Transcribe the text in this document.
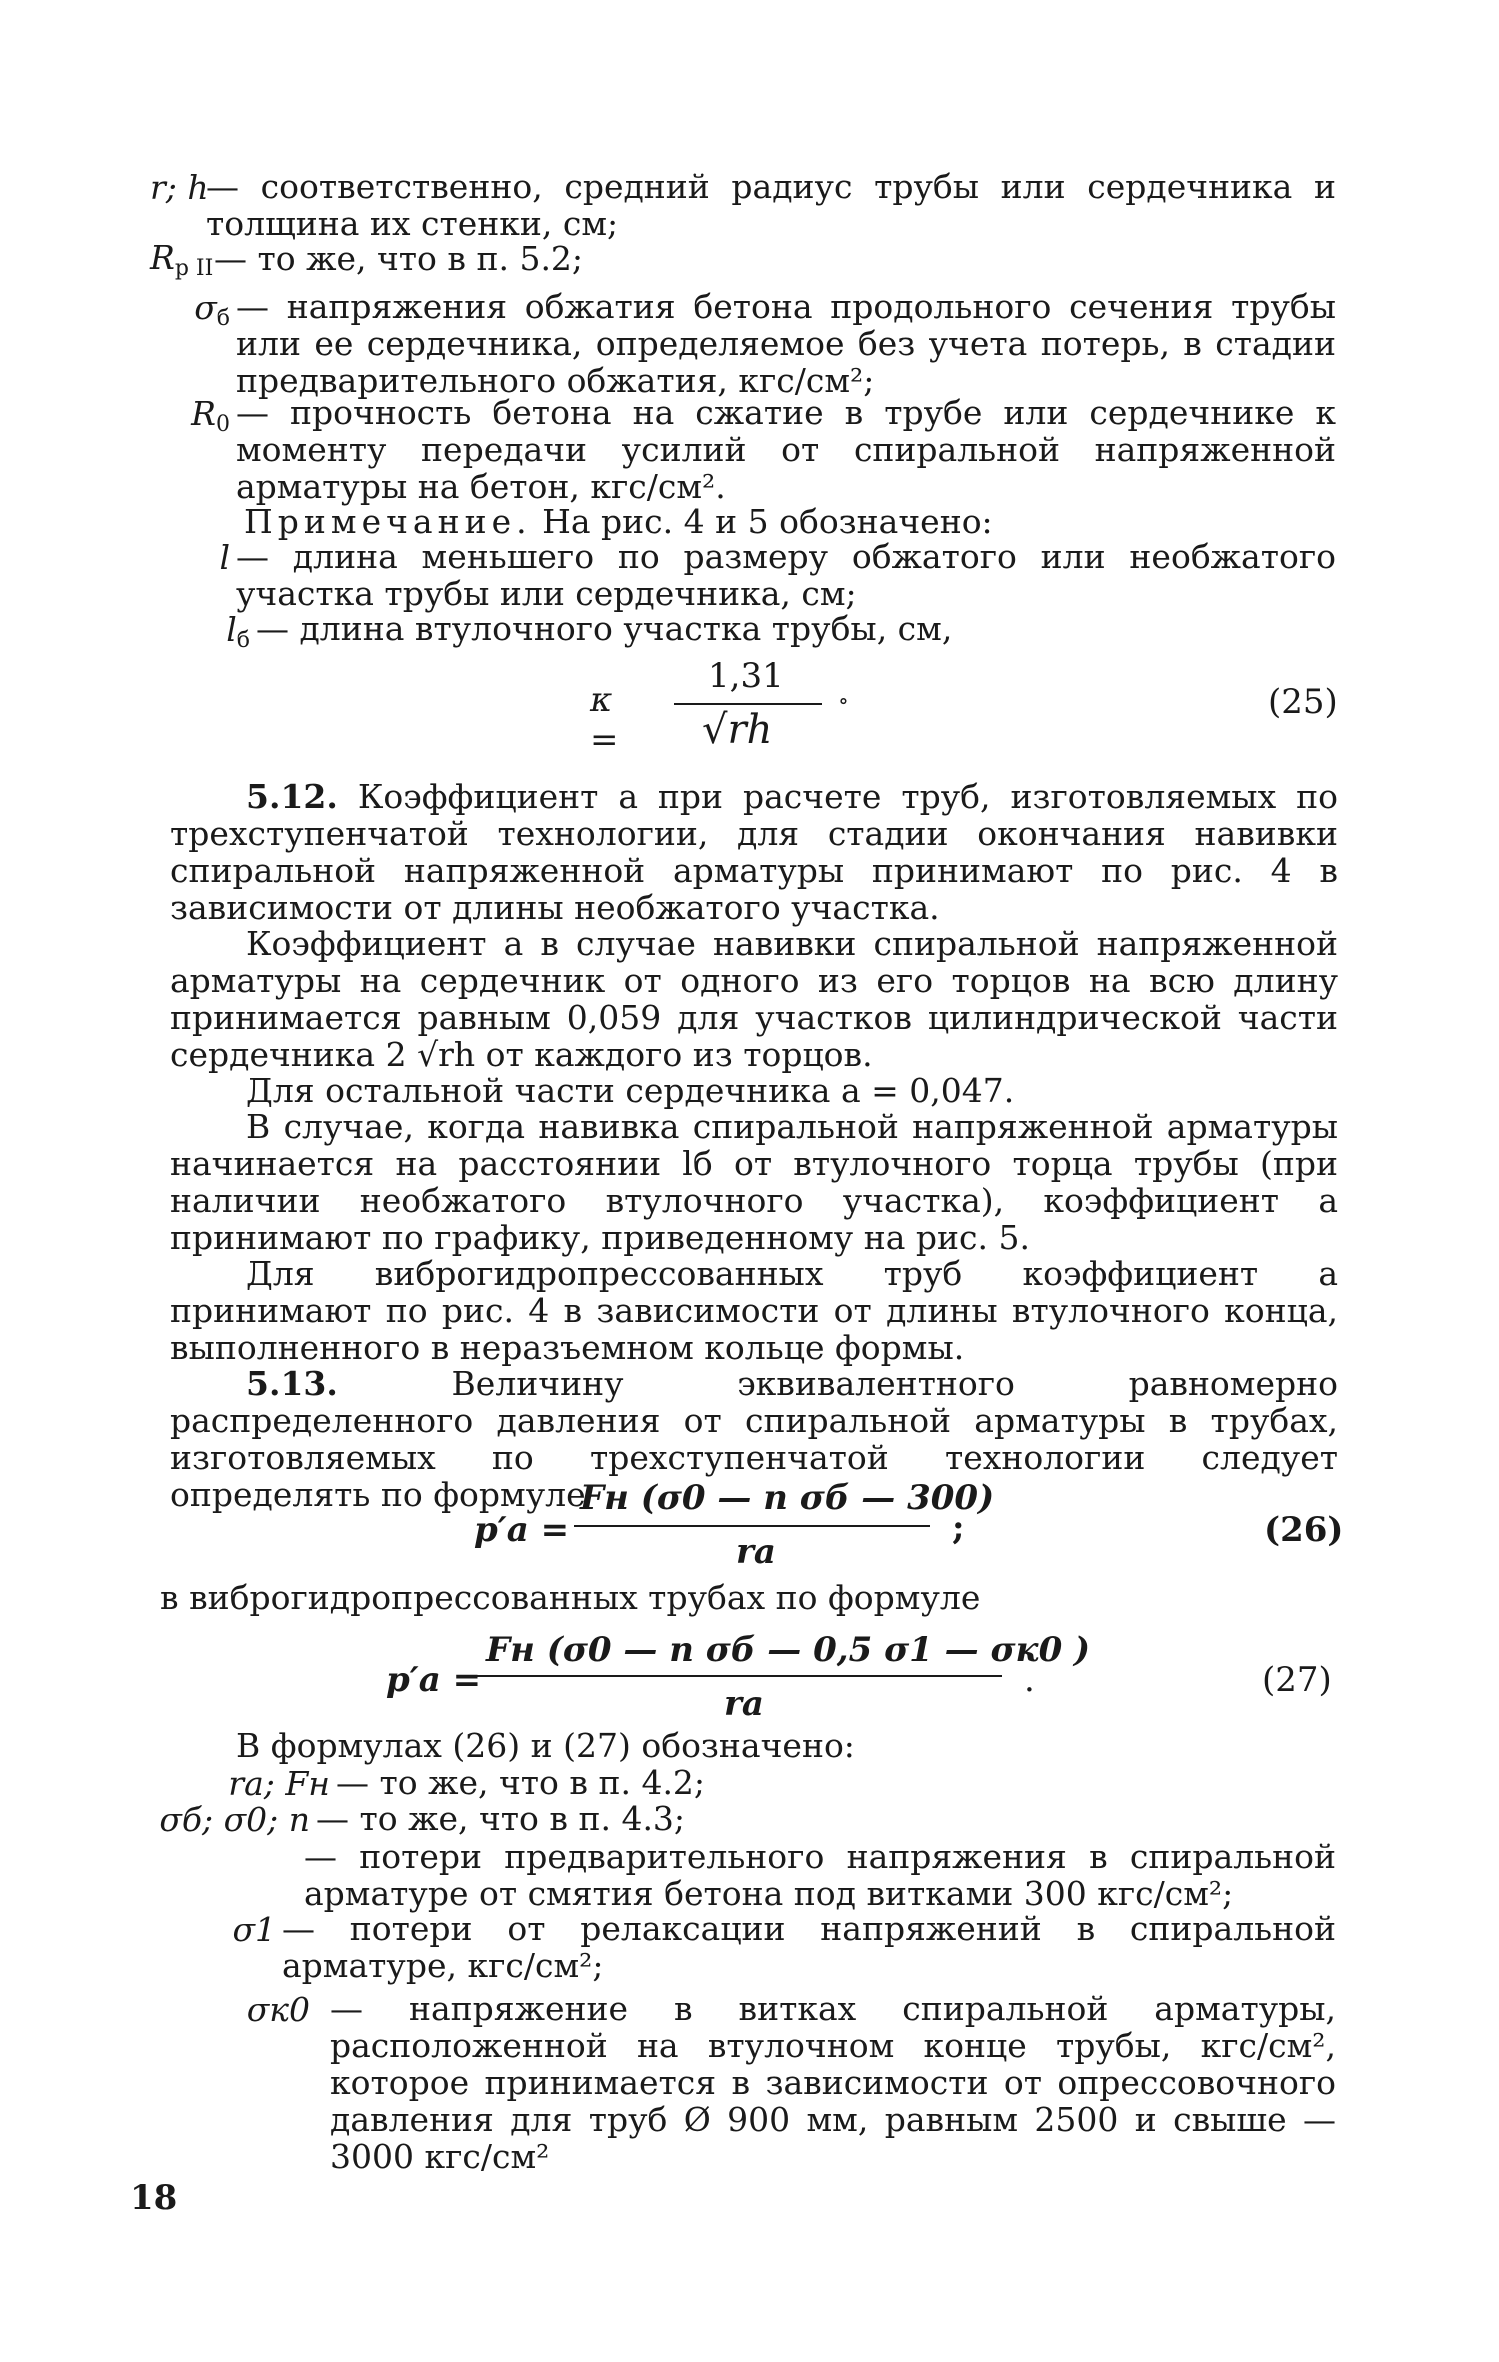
r; h
— соответственно, средний радиус трубы или сердечника и толщина их стенки, см;
$R_{p II}$ — то же, что в п. 5.2;
$\sigma_б$ — напряжения обжатия бетона продольного сечения трубы или ее сердечника, определяемое без учета потерь, в стадии предварительного обжатия, кгс/см²;
$R_0$ — прочность бетона на сжатие в трубе или сердечнике к моменту передачи усилий от спиральной напряженной арматуры на бетон, кгс/см².
Примечание. На рис. 4 и 5 обозначено:
l — длина меньшего по размеру обжатого или необжатого участка трубы или сердечника, см;
$l_б$ — длина втулочного участка трубы, см,
κ =
1,31
√rh
∘	(25)
5.12. Коэффициент a при расчете труб, изготовляемых по трехступенчатой технологии, для стадии окончания навивки спиральной напряженной арматуры принимают по рис. 4 в зависимости от длины необжатого участка.
Коэффициент a в случае навивки спиральной напряженной арматуры на сердечник от одного из его торцов на всю длину принимается равным 0,059 для участков цилиндрической части сердечника 2 √rh от каждого из торцов.
Для остальной части сердечника a = 0,047.
В случае, когда навивка спиральной напряженной арматуры начинается на расстоянии lб от втулочного торца трубы (при наличии необжатого втулочного участка), коэффициент a принимают по графику, приведенному на рис. 5.
Для виброгидропрессованных труб коэффициент a принимают по рис. 4 в зависимости от длины втулочного конца, выполненного в неразъемном кольце формы.
5.13. Величину эквивалентного равномерно распределенного давления от спиральной арматуры в трубах, изготовляемых по трехступенчатой технологии следует определять по формуле
p′a =
Fн (σ0 — n σб — 300)
ra
;	(26)
в виброгидропрессованных трубах по формуле
p′a =
Fн (σ0 — n σб — 0,5 σ1 — σк0 )
ra
.	(27)
В формулах (26) и (27) обозначено:
ra; Fн — то же, что в п. 4.2;
σб; σ0; n — то же, что в п. 4.3;
— потери предварительного напряжения в спиральной арматуре от смятия бетона под витками 300 кгс/см²;
σ1 — потери от релаксации напряжений в спиральной арматуре, кгс/см²;
σк0 — напряжение в витках спиральной арматуры, расположенной на втулочном конце трубы, кгс/см², которое принимается в зависимости от опрессовочного давления для труб Ø 900 мм, равным 2500 и свыше — 3000 кгс/см²
18
